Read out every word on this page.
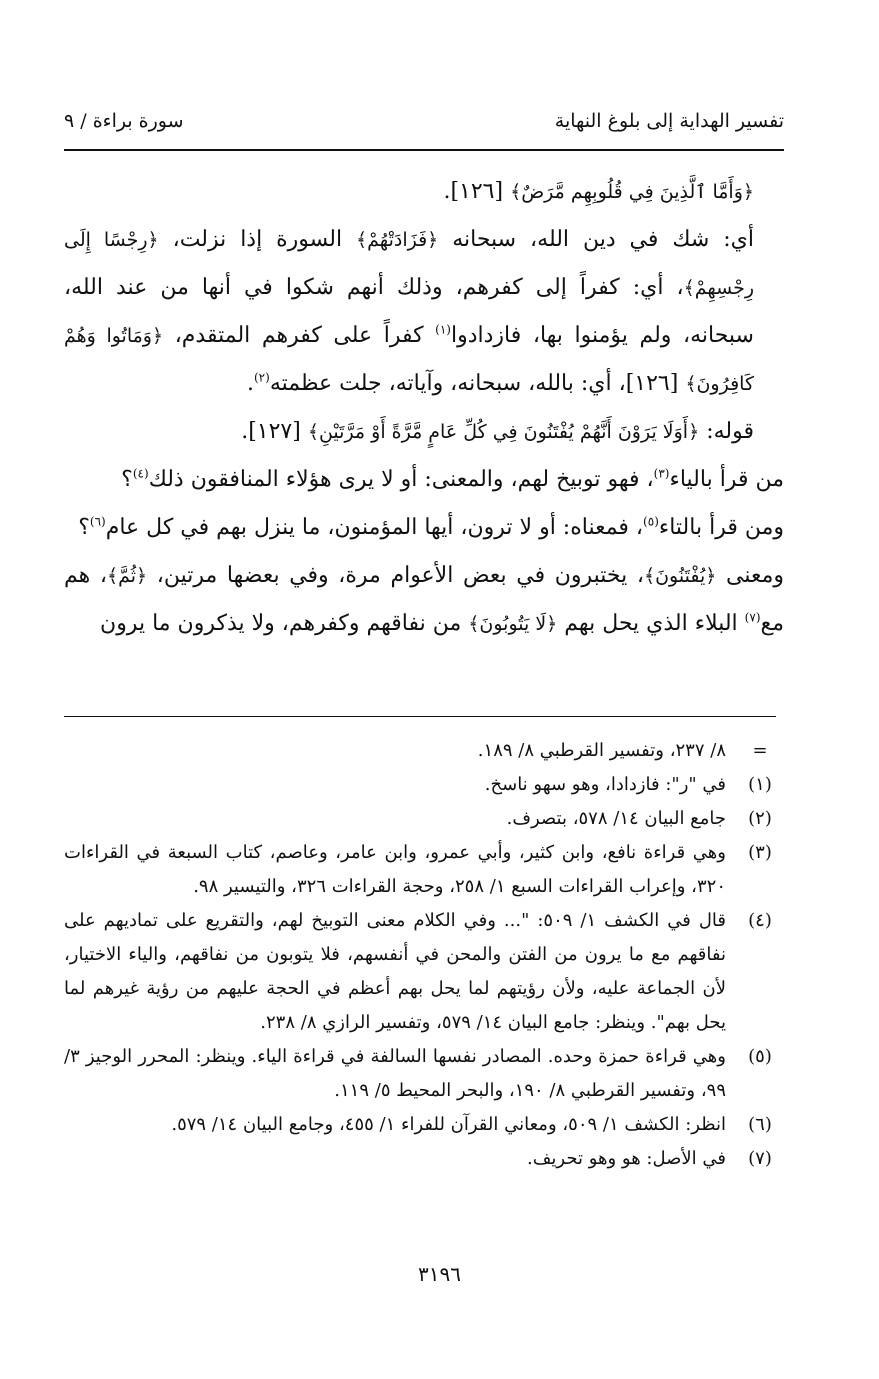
تفسير الهداية إلى بلوغ النهاية
سورة براءة / ٩

﴿وَأَمَّا ٱلَّذِينَ فِي قُلُوبِهِم مَّرَضٌ﴾ [١٢٦].

أي: شك في دين الله، سبحانه ﴿فَزَادَتْهُمْ﴾ السورة إذا نزلت، ﴿رِجْسًا إِلَى رِجْسِهِمْ﴾، أي: كفراً إلى كفرهم، وذلك أنهم شكوا في أنها من عند الله، سبحانه، ولم يؤمنوا بها، فازدادوا$^{(١)}$ كفراً على كفرهم المتقدم، ﴿وَمَاتُوا وَهُمْ كَافِرُونَ﴾ [١٢٦]، أي: بالله، سبحانه، وآياته، جلت عظمته$^{(٢)}$.

قوله: ﴿أَوَلَا يَرَوْنَ أَنَّهُمْ يُفْتَنُونَ فِي كُلِّ عَامٍ مَّرَّةً أَوْ مَرَّتَيْنِ﴾ [١٢٧].

من قرأ بالياء$^{(٣)}$، فهو توبيخ لهم، والمعنى: أو لا يرى هؤلاء المنافقون ذلك$^{(٤)}$؟

ومن قرأ بالتاء$^{(٥)}$، فمعناه: أو لا ترون، أيها المؤمنون، ما ينزل بهم في كل عام$^{(٦)}$؟

ومعنى ﴿يُفْتَنُونَ﴾، يختبرون في بعض الأعوام مرة، وفي بعضها مرتين، ﴿ثُمَّ﴾، هم مع$^{(٧)}$ البلاء الذي يحل بهم ﴿لَا يَتُوبُونَ﴾ من نفاقهم وكفرهم، ولا يذكرون ما يرون

=
٨/ ٢٣٧، وتفسير القرطبي ٨/ ١٨٩.
(١)
في "ر": فازدادا، وهو سهو ناسخ.
(٢)
جامع البيان ١٤/ ٥٧٨، بتصرف.
(٣)
وهي قراءة نافع، وابن كثير، وأبي عمرو، وابن عامر، وعاصم، كتاب السبعة في القراءات ٣٢٠، وإعراب القراءات السبع ١/ ٢٥٨، وحجة القراءات ٣٢٦، والتيسير ٩٨.
(٤)
قال في الكشف ١/ ٥٠٩: "... وفي الكلام معنى التوبيخ لهم، والتقريع على تماديهم على نفاقهم مع ما يرون من الفتن والمحن في أنفسهم، فلا يتوبون من نفاقهم، والياء الاختيار، لأن الجماعة عليه، ولأن رؤيتهم لما يحل بهم أعظم في الحجة عليهم من رؤية غيرهم لما يحل بهم". وينظر: جامع البيان ١٤/ ٥٧٩، وتفسير الرازي ٨/ ٢٣٨.
(٥)
وهي قراءة حمزة وحده. المصادر نفسها السالفة في قراءة الياء. وينظر: المحرر الوجيز ٣/ ٩٩، وتفسير القرطبي ٨/ ١٩٠، والبحر المحيط ٥/ ١١٩.
(٦)
انظر: الكشف ١/ ٥٠٩، ومعاني القرآن للفراء ١/ ٤٥٥، وجامع البيان ١٤/ ٥٧٩.
(٧)
في الأصل: هو وهو تحريف.
٣١٩٦
